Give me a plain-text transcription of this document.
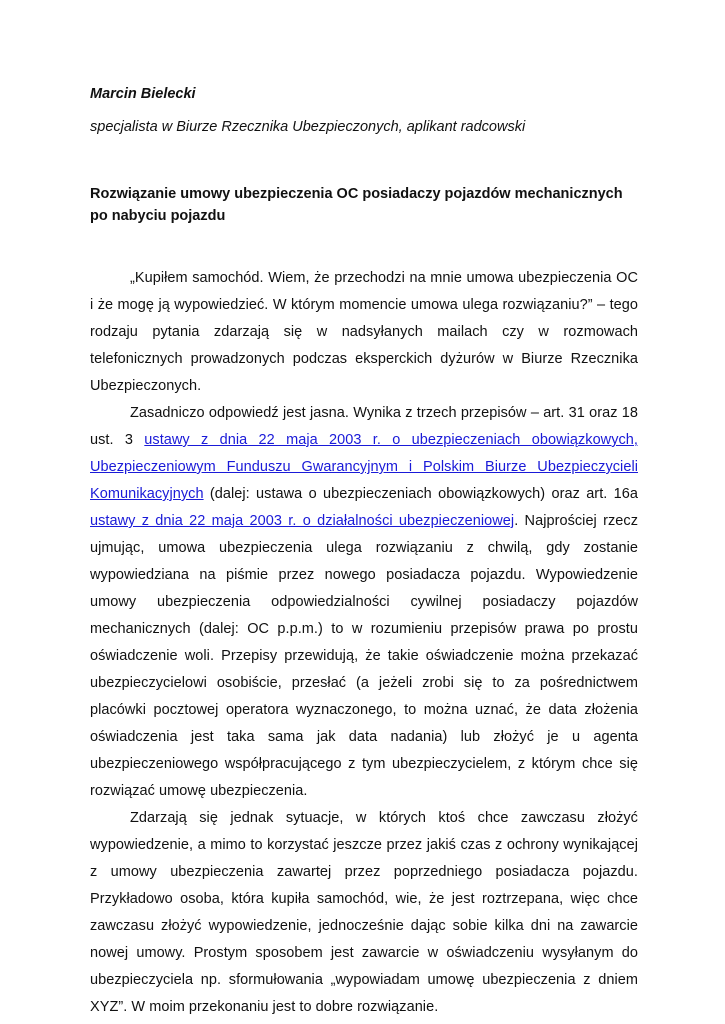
Marcin Bielecki

specjalista w Biurze Rzecznika Ubezpieczonych, aplikant radcowski

Rozwiązanie umowy ubezpieczenia OC posiadaczy pojazdów mechanicznych po nabyciu pojazdu

„Kupiłem samochód. Wiem, że przechodzi na mnie umowa ubezpieczenia OC i że mogę ją wypowiedzieć. W którym momencie umowa ulega rozwiązaniu?” – tego rodzaju pytania zdarzają się w nadsyłanych mailach czy w rozmowach telefonicznych prowadzonych podczas eksperckich dyżurów w Biurze Rzecznika Ubezpieczonych.

Zasadniczo odpowiedź jest jasna. Wynika z trzech przepisów – art. 31 oraz 18 ust. 3 ustawy z dnia 22 maja 2003 r. o ubezpieczeniach obowiązkowych, Ubezpieczeniowym Funduszu Gwarancyjnym i Polskim Biurze Ubezpieczycieli Komunikacyjnych (dalej: ustawa o ubezpieczeniach obowiązkowych) oraz art. 16a ustawy z dnia 22 maja 2003 r. o działalności ubezpieczeniowej. Najprościej rzecz ujmując, umowa ubezpieczenia ulega rozwiązaniu z chwilą, gdy zostanie wypowiedziana na piśmie przez nowego posiadacza pojazdu. Wypowiedzenie umowy ubezpieczenia odpowiedzialności cywilnej posiadaczy pojazdów mechanicznych (dalej: OC p.p.m.) to w rozumieniu przepisów prawa po prostu oświadczenie woli. Przepisy przewidują, że takie oświadczenie można przekazać ubezpieczycielowi osobiście, przesłać (a jeżeli zrobi się to za pośrednictwem placówki pocztowej operatora wyznaczonego, to można uznać, że data złożenia oświadczenia jest taka sama jak data nadania) lub złożyć je u agenta ubezpieczeniowego współpracującego z tym ubezpieczycielem, z którym chce się rozwiązać umowę ubezpieczenia.

Zdarzają się jednak sytuacje, w których ktoś chce zawczasu złożyć wypowiedzenie, a mimo to korzystać jeszcze przez jakiś czas z ochrony wynikającej z umowy ubezpieczenia zawartej przez poprzedniego posiadacza pojazdu. Przykładowo osoba, która kupiła samochód, wie, że jest roztrzepana, więc chce zawczasu złożyć wypowiedzenie, jednocześnie dając sobie kilka dni na zawarcie nowej umowy. Prostym sposobem jest zawarcie w oświadczeniu wysyłanym do ubezpieczyciela np. sformułowania „wypowiadam umowę ubezpieczenia z dniem XYZ”. W moim przekonaniu jest to dobre rozwiązanie.
